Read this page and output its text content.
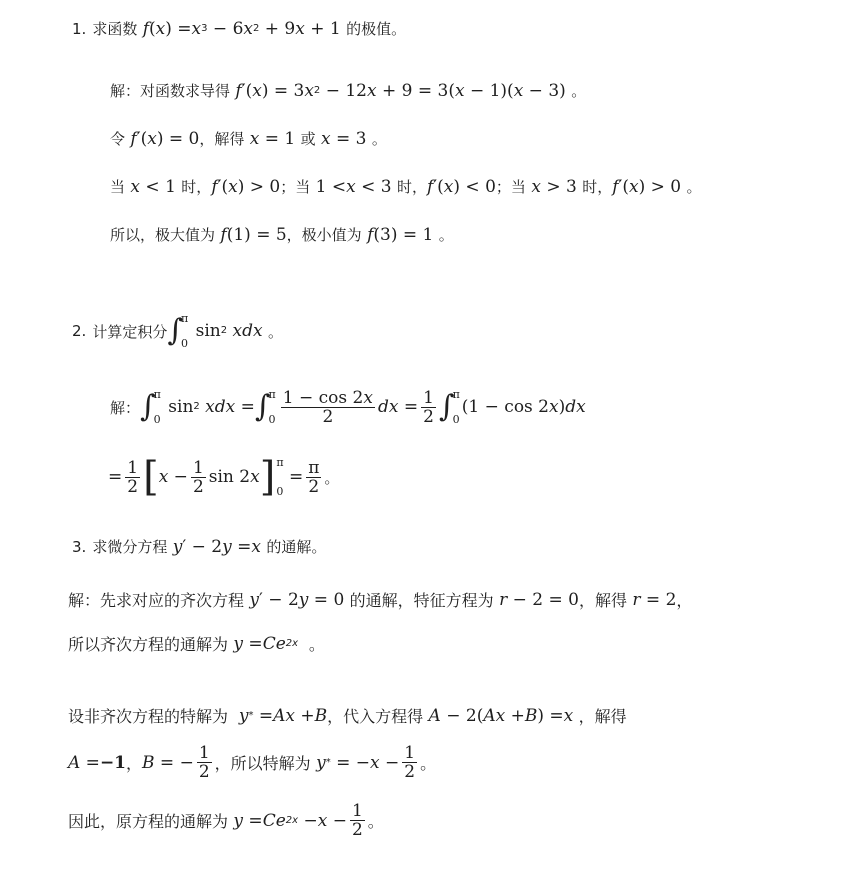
1. 求函数 f ( x ) = x 3 − 6 x 2 + 9 x + 1 的极值。
解： 对函数求导得 f ′( x ) = 3 x 2 − 12 x + 9 = 3( x − 1)( x − 3) 。
令 f ′( x ) = 0 ，解得 x = 1 或 x = 3 。
当 x < 1 时， f ′( x ) > 0 ； 当 1 < x < 3 时， f ′( x ) < 0 ； 当 x > 3 时， f ′( x ) > 0 。
所以，极大值为 f (1) = 5 ，极小值为 f (3) = 1 。
2. 计算定积分 ∫
π
0
sin 2 xdx
。
解： ∫
π
0
sin 2 xdx = ∫
π
$0 \frac{1 - \cos 2x}{2}$ dx = $\frac{1}{2}$ ∫
π
0
(1 − cos 2 x ) dx
= $\frac{1}{2}$ [ $x - \frac{1}{2}$ sin 2 x ] π
0
= $\frac{\pi}{2}$ 。
3. 求微分方程 y ′ − 2 y = x
的通解。
解： 先求对应的齐次方程 y ′ − 2 y = 0 的通解，特征方程为 r − 2 = 0 ，解得 r = 2 ，
所以齐次方程的通解为 y = Ce 2x
。
设非齐次方程的特解为 y * = Ax + B ，代入方程得 A − 2( Ax + B ) = x
，解得
A = −1 ， B = − $\frac{1}{2}$ ，所以特解为 y * = − $x - \frac{1}{2}$ 。
因此，原方程的通解为 y = Ce $2x - x - \frac{1}{2}$ 。
